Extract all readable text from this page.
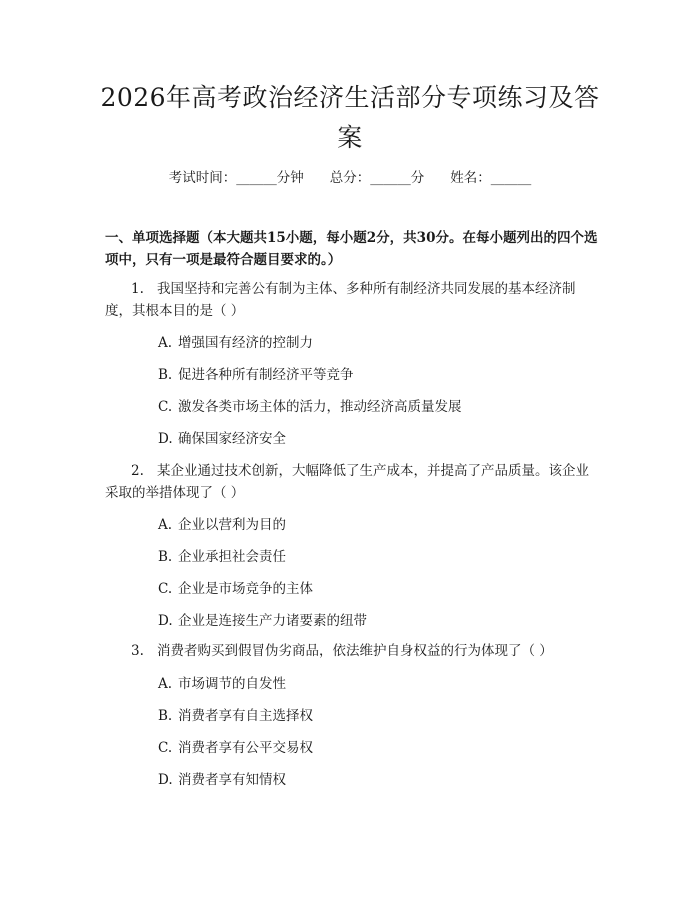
2026年高考政治经济生活部分专项练习及答案
考试时间：______分钟 总分：______分 姓名：______
一、单项选择题（本大题共15小题，每小题2分，共30分。在每小题列出的四个选项中，只有一项是最符合题目要求的。）
1. 我国坚持和完善公有制为主体、多种所有制经济共同发展的基本经济制度，其根本目的是（ ）
A. 增强国有经济的控制力
B. 促进各种所有制经济平等竞争
C. 激发各类市场主体的活力，推动经济高质量发展
D. 确保国家经济安全
2. 某企业通过技术创新，大幅降低了生产成本，并提高了产品质量。该企业采取的举措体现了（ ）
A. 企业以营利为目的
B. 企业承担社会责任
C. 企业是市场竞争的主体
D. 企业是连接生产力诸要素的纽带
3. 消费者购买到假冒伪劣商品，依法维护自身权益的行为体现了（ ）
A. 市场调节的自发性
B. 消费者享有自主选择权
C. 消费者享有公平交易权
D. 消费者享有知情权
